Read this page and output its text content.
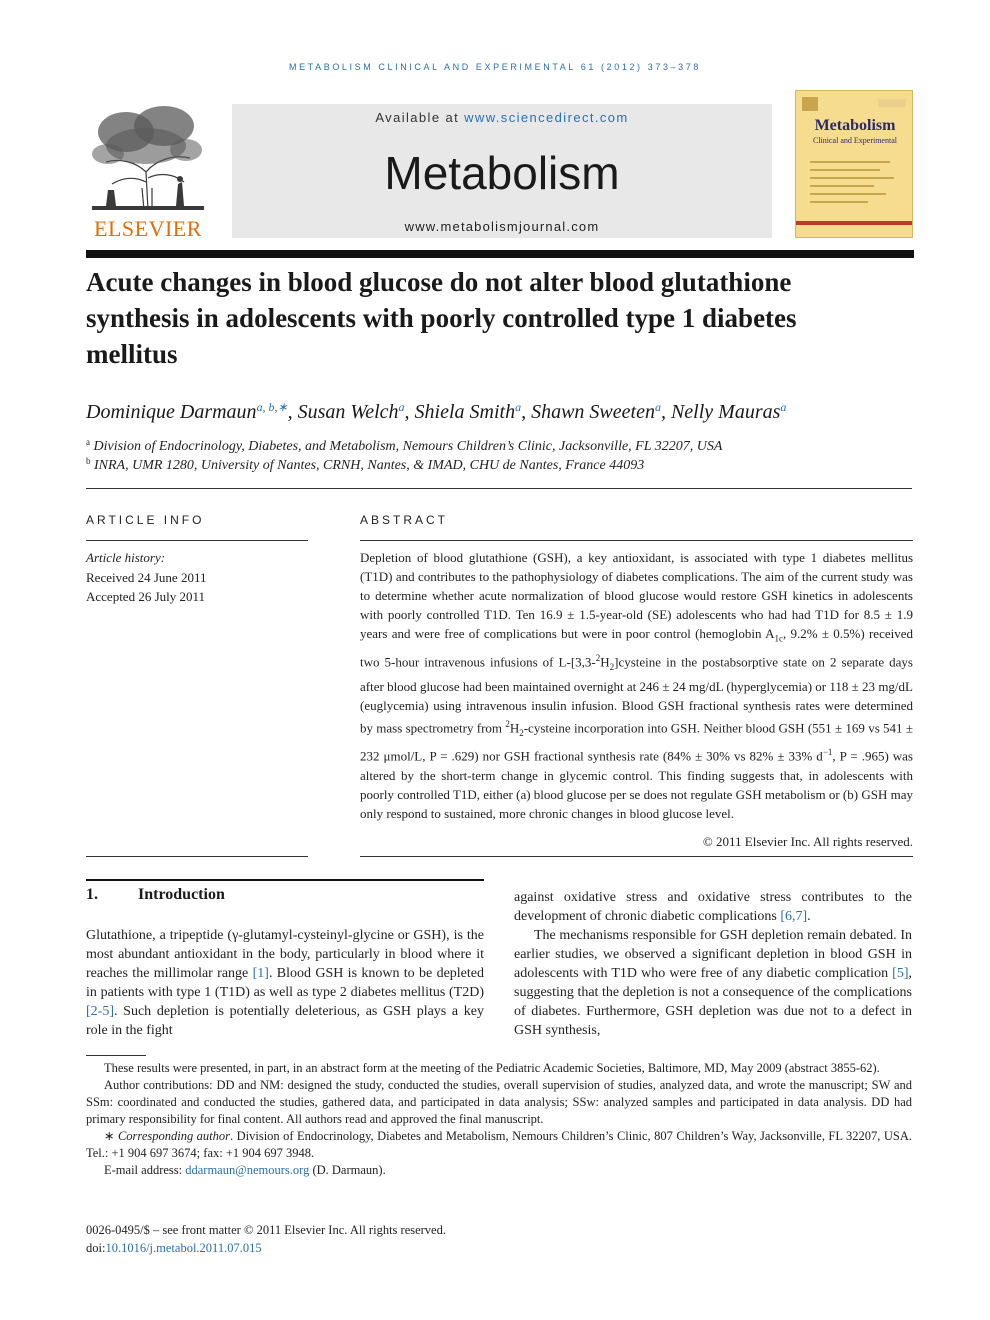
METABOLISM CLINICAL AND EXPERIMENTAL 61 (2012) 373–378
ELSEVIER
Available at www.sciencedirect.com
Metabolism
www.metabolismjournal.com
Metabolism
Clinical and Experimental
Acute changes in blood glucose do not alter blood glutathione synthesis in adolescents with poorly controlled type 1 diabetes mellitus
Dominique Darmaun$^{a, b,∗}$, Susan Welch$^a$, Shiela Smith$^a$, Shawn Sweeten$^a$, Nelly Mauras$^a$
$^a$ Division of Endocrinology, Diabetes, and Metabolism, Nemours Children’s Clinic, Jacksonville, FL 32207, USA
$^b$ INRA, UMR 1280, University of Nantes, CRNH, Nantes, & IMAD, CHU de Nantes, France 44093
ARTICLE INFO
Article history:
Received 24 June 2011
Accepted 26 July 2011
ABSTRACT
Depletion of blood glutathione (GSH), a key antioxidant, is associated with type 1 diabetes mellitus (T1D) and contributes to the pathophysiology of diabetes complications. The aim of the current study was to determine whether acute normalization of blood glucose would restore GSH kinetics in adolescents with poorly controlled T1D. Ten 16.9 ± 1.5-year-old (SE) adolescents who had had T1D for 8.5 ± 1.9 years and were free of complications but were in poor control (hemoglobin $A_{1c}$, 9.2% ± 0.5%) received two 5-hour intravenous infusions of $L-[3,3-^2H_2]cysteine$ in the postabsorptive state on 2 separate days after blood glucose had been maintained overnight at 246 ± 24 mg/dL (hyperglycemia) or 118 ± 23 mg/dL (euglycemia) using intravenous insulin infusion. Blood GSH fractional synthesis rates were determined by mass spectrometry from $^2H_2$-cysteine incorporation into GSH. Neither blood GSH (551 ± 169 vs 541 ± 232 μmol/L, P = .629) nor GSH fractional synthesis rate (84% ± 30% vs 82% ± 33% $d^{-1}$, P = .965) was altered by the short-term change in glycemic control. This finding suggests that, in adolescents with poorly controlled T1D, either (a) blood glucose per se does not regulate GSH metabolism or (b) GSH may only respond to sustained, more chronic changes in blood glucose level.
© 2011 Elsevier Inc. All rights reserved.
1.	Introduction
Glutathione, a tripeptide (γ-glutamyl-cysteinyl-glycine or GSH), is the most abundant antioxidant in the body, particularly in blood where it reaches the millimolar range [1]. Blood GSH is known to be depleted in patients with type 1 (T1D) as well as type 2 diabetes mellitus (T2D) [2-5]. Such depletion is potentially deleterious, as GSH plays a key role in the fight
against oxidative stress and oxidative stress contributes to the development of chronic diabetic complications [6,7].
The mechanisms responsible for GSH depletion remain debated. In earlier studies, we observed a significant depletion in blood GSH in adolescents with T1D who were free of any diabetic complication [5], suggesting that the depletion is not a consequence of the complications of diabetes. Furthermore, GSH depletion was due not to a defect in GSH synthesis,

These results were presented, in part, in an abstract form at the meeting of the Pediatric Academic Societies, Baltimore, MD, May 2009 (abstract 3855-62).

Author contributions: DD and NM: designed the study, conducted the studies, overall supervision of studies, analyzed data, and wrote the manuscript; SW and SSm: coordinated and conducted the studies, gathered data, and participated in data analysis; SSw: analyzed samples and participated in data analysis. DD had primary responsibility for final content. All authors read and approved the final manuscript.

∗ Corresponding author. Division of Endocrinology, Diabetes and Metabolism, Nemours Children’s Clinic, 807 Children’s Way, Jacksonville, FL 32207, USA. Tel.: +1 904 697 3674; fax: +1 904 697 3948.

E-mail address: ddarmaun@nemours.org (D. Darmaun).

0026-0495/$ – see front matter © 2011 Elsevier Inc. All rights reserved.
doi:10.1016/j.metabol.2011.07.015
